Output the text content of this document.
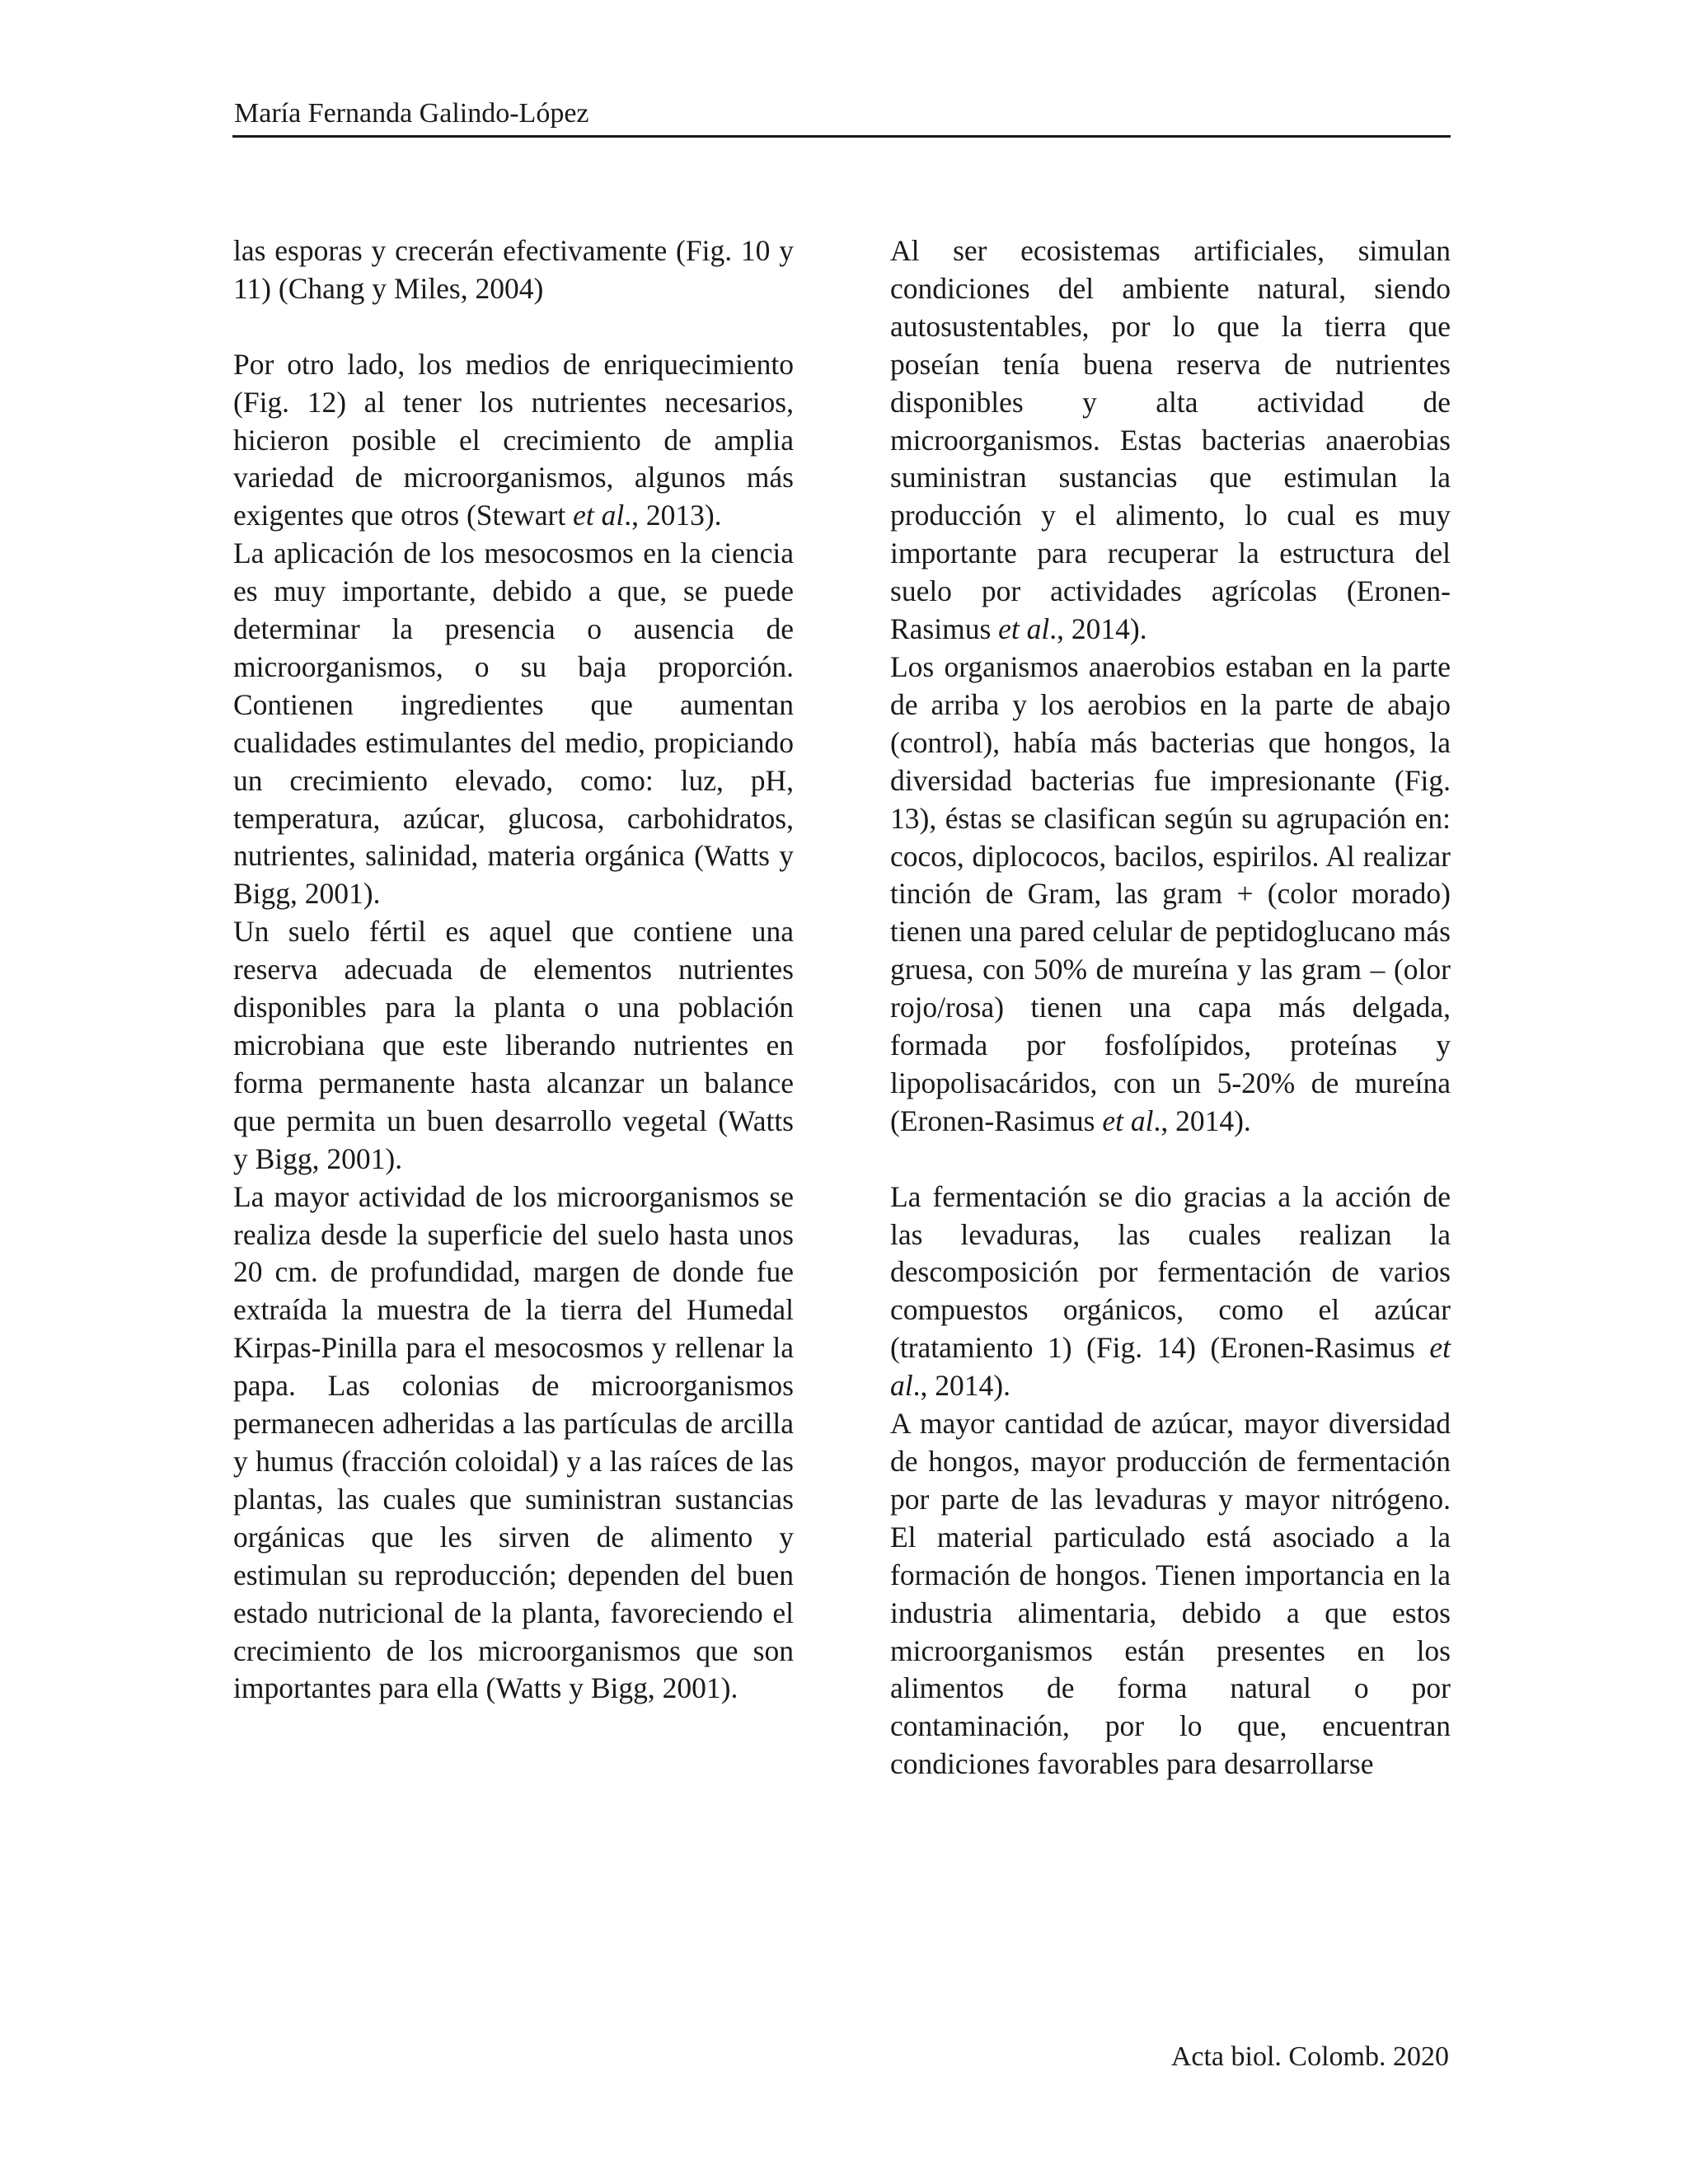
María Fernanda Galindo-López

las esporas y crecerán efectivamente (Fig. 10 y 11) (Chang y Miles, 2004)

Por otro lado, los medios de enriquecimiento (Fig. 12) al tener los nutrientes necesarios, hicieron posible el crecimiento de amplia variedad de microorganismos, algunos más exigentes que otros (Stewart et al., 2013).

La aplicación de los mesocosmos en la ciencia es muy importante, debido a que, se puede determinar la presencia o ausencia de microorganismos, o su baja proporción. Contienen ingredientes que aumentan cualidades estimulantes del medio, propiciando un crecimiento elevado, como: luz, pH, temperatura, azúcar, glucosa, carbohidratos, nutrientes, salinidad, materia orgánica (Watts y Bigg, 2001).

Un suelo fértil es aquel que contiene una reserva adecuada de elementos nutrientes disponibles para la planta o una población microbiana que este liberando nutrientes en forma permanente hasta alcanzar un balance que permita un buen desarrollo vegetal (Watts y Bigg, 2001).

La mayor actividad de los microorganismos se realiza desde la superficie del suelo hasta unos 20 cm. de profundidad, margen de donde fue extraída la muestra de la tierra del Humedal Kirpas-Pinilla para el mesocosmos y rellenar la papa. Las colonias de microorganismos permanecen adheridas a las partículas de arcilla y humus (fracción coloidal) y a las raíces de las plantas, las cuales que suministran sustancias orgánicas que les sirven de alimento y estimulan su reproducción; dependen del buen estado nutricional de la planta, favoreciendo el crecimiento de los microorganismos que son importantes para ella (Watts y Bigg, 2001).

Al ser ecosistemas artificiales, simulan condiciones del ambiente natural, siendo autosustentables, por lo que la tierra que poseían tenía buena reserva de nutrientes disponibles y alta actividad de microorganismos. Estas bacterias anaerobias suministran sustancias que estimulan la producción y el alimento, lo cual es muy importante para recuperar la estructura del suelo por actividades agrícolas (Eronen-Rasimus et al., 2014).

Los organismos anaerobios estaban en la parte de arriba y los aerobios en la parte de abajo (control), había más bacterias que hongos, la diversidad bacterias fue impresionante (Fig. 13), éstas se clasifican según su agrupación en: cocos, diplococos, bacilos, espirilos. Al realizar tinción de Gram, las gram + (color morado) tienen una pared celular de peptidoglucano más gruesa, con 50% de mureína y las gram – (olor rojo/rosa) tienen una capa más delgada, formada por fosfolípidos, proteínas y lipopolisacáridos, con un 5-20% de mureína (Eronen-Rasimus et al., 2014).

La fermentación se dio gracias a la acción de las levaduras, las cuales realizan la descomposición por fermentación de varios compuestos orgánicos, como el azúcar (tratamiento 1) (Fig. 14) (Eronen-Rasimus et al., 2014).

A mayor cantidad de azúcar, mayor diversidad de hongos, mayor producción de fermentación por parte de las levaduras y mayor nitrógeno. El material particulado está asociado a la formación de hongos. Tienen importancia en la industria alimentaria, debido a que estos microorganismos están presentes en los alimentos de forma natural o por contaminación, por lo que, encuentran condiciones favorables para desarrollarse

Acta biol. Colomb. 2020
